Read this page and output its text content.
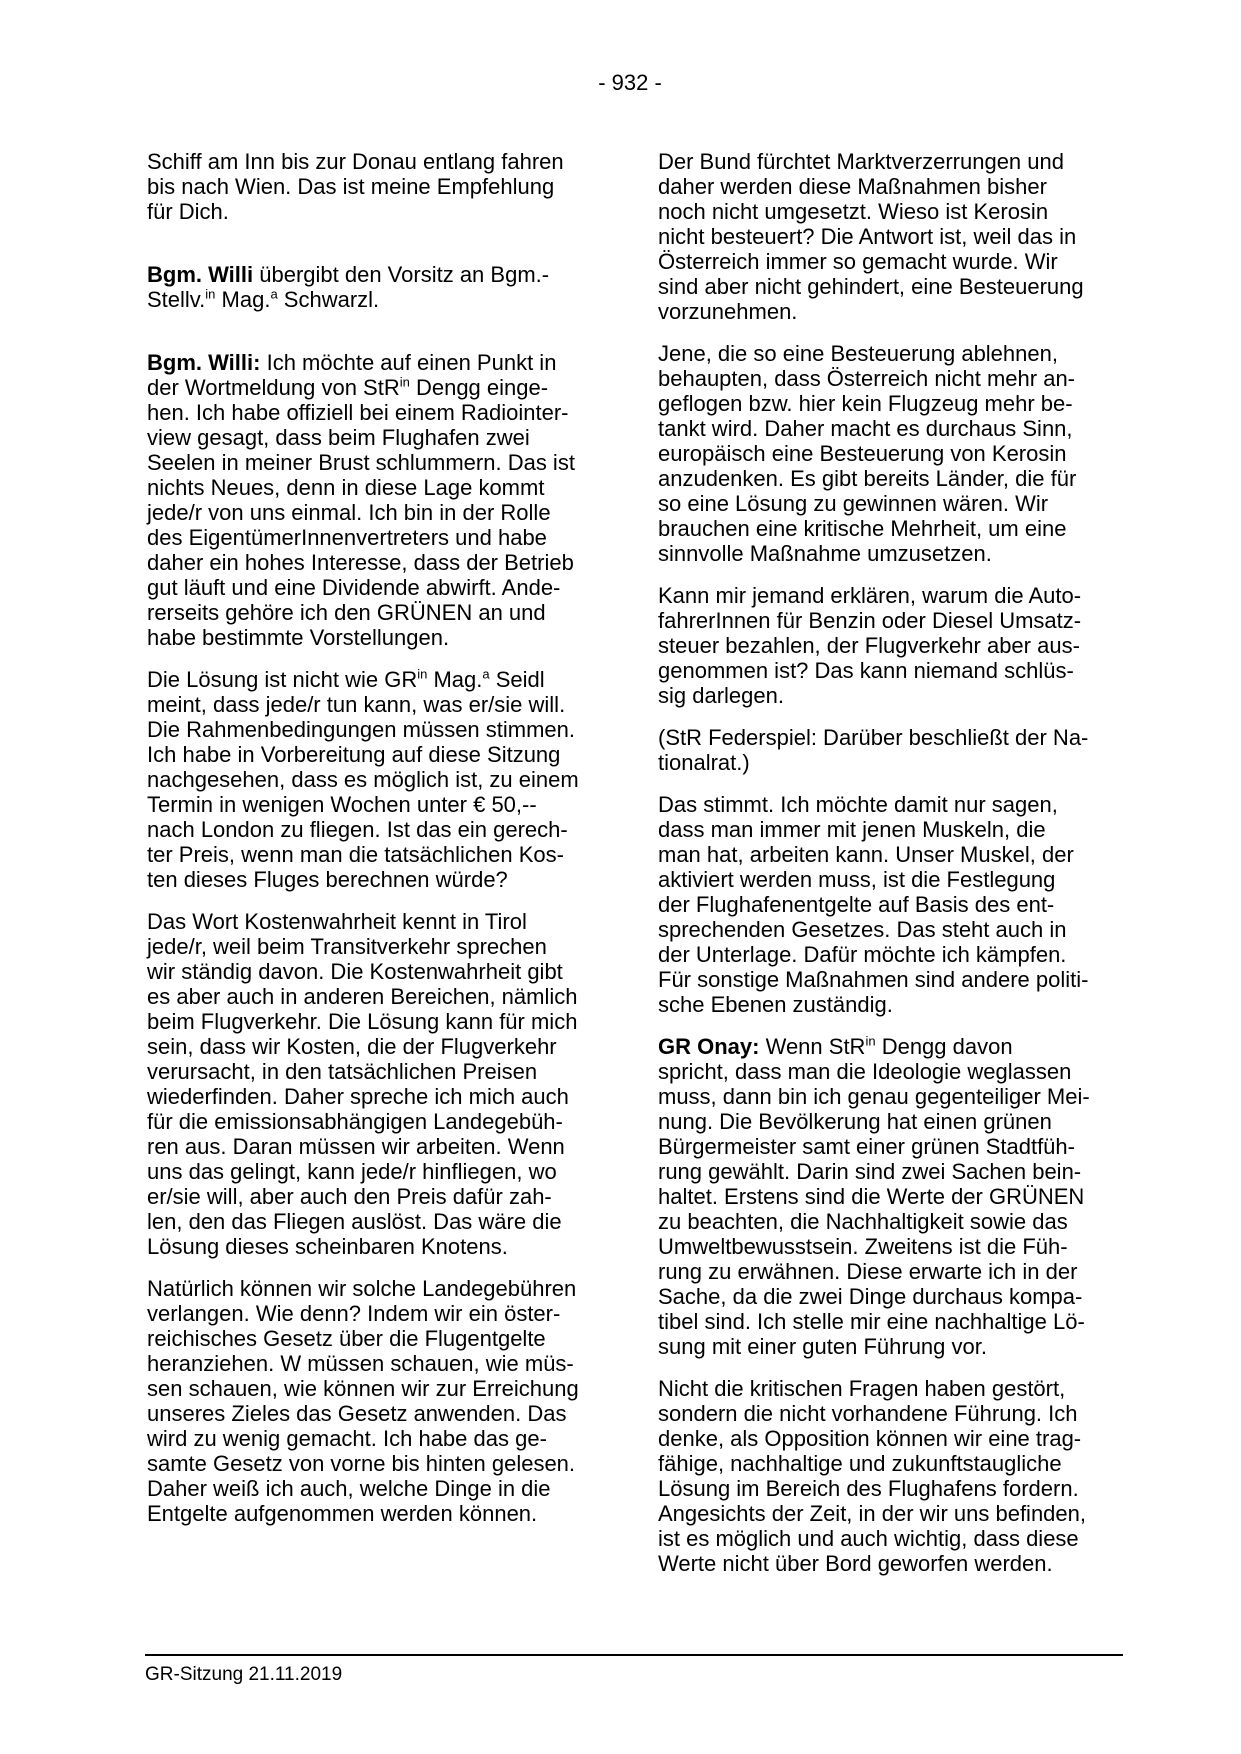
- 932 -

Schiff am Inn bis zur Donau entlang fahren
bis nach Wien. Das ist meine Empfehlung
für Dich.

Bgm. Willi übergibt den Vorsitz an Bgm.-
Stellv.$^{in}$ Mag.$^a$ Schwarzl.

Bgm. Willi: Ich möchte auf einen Punkt in
der Wortmeldung von StR$^{in}$ Dengg einge-
hen. Ich habe offiziell bei einem Radiointer-
view gesagt, dass beim Flughafen zwei
Seelen in meiner Brust schlummern. Das ist
nichts Neues, denn in diese Lage kommt
jede/r von uns einmal. Ich bin in der Rolle
des EigentümerInnenvertreters und habe
daher ein hohes Interesse, dass der Betrieb
gut läuft und eine Dividende abwirft. Ande-
rerseits gehöre ich den GRÜNEN an und
habe bestimmte Vorstellungen.

Die Lösung ist nicht wie $GR^{in}$ Mag.$^a$ Seidl
meint, dass jede/r tun kann, was er/sie will.
Die Rahmenbedingungen müssen stimmen.
Ich habe in Vorbereitung auf diese Sitzung
nachgesehen, dass es möglich ist, zu einem
Termin in wenigen Wochen unter € 50,--
nach London zu fliegen. Ist das ein gerech-
ter Preis, wenn man die tatsächlichen Kos-
ten dieses Fluges berechnen würde?

Das Wort Kostenwahrheit kennt in Tirol
jede/r, weil beim Transitverkehr sprechen
wir ständig davon. Die Kostenwahrheit gibt
es aber auch in anderen Bereichen, nämlich
beim Flugverkehr. Die Lösung kann für mich
sein, dass wir Kosten, die der Flugverkehr
verursacht, in den tatsächlichen Preisen
wiederfinden. Daher spreche ich mich auch
für die emissionsabhängigen Landegebüh-
ren aus. Daran müssen wir arbeiten. Wenn
uns das gelingt, kann jede/r hinfliegen, wo
er/sie will, aber auch den Preis dafür zah-
len, den das Fliegen auslöst. Das wäre die
Lösung dieses scheinbaren Knotens.

Natürlich können wir solche Landegebühren
verlangen. Wie denn? Indem wir ein öster-
reichisches Gesetz über die Flugentgelte
heranziehen. W müssen schauen, wie müs-
sen schauen, wie können wir zur Erreichung
unseres Zieles das Gesetz anwenden. Das
wird zu wenig gemacht. Ich habe das ge-
samte Gesetz von vorne bis hinten gelesen.
Daher weiß ich auch, welche Dinge in die
Entgelte aufgenommen werden können.

Der Bund fürchtet Marktverzerrungen und
daher werden diese Maßnahmen bisher
noch nicht umgesetzt. Wieso ist Kerosin
nicht besteuert? Die Antwort ist, weil das in
Österreich immer so gemacht wurde. Wir
sind aber nicht gehindert, eine Besteuerung
vorzunehmen.

Jene, die so eine Besteuerung ablehnen,
behaupten, dass Österreich nicht mehr an-
geflogen bzw. hier kein Flugzeug mehr be-
tankt wird. Daher macht es durchaus Sinn,
europäisch eine Besteuerung von Kerosin
anzudenken. Es gibt bereits Länder, die für
so eine Lösung zu gewinnen wären. Wir
brauchen eine kritische Mehrheit, um eine
sinnvolle Maßnahme umzusetzen.

Kann mir jemand erklären, warum die Auto-
fahrerInnen für Benzin oder Diesel Umsatz-
steuer bezahlen, der Flugverkehr aber aus-
genommen ist? Das kann niemand schlüs-
sig darlegen.

(StR Federspiel: Darüber beschließt der Na-
tionalrat.)

Das stimmt. Ich möchte damit nur sagen,
dass man immer mit jenen Muskeln, die
man hat, arbeiten kann. Unser Muskel, der
aktiviert werden muss, ist die Festlegung
der Flughafenentgelte auf Basis des ent-
sprechenden Gesetzes. Das steht auch in
der Unterlage. Dafür möchte ich kämpfen.
Für sonstige Maßnahmen sind andere politi-
sche Ebenen zuständig.

GR Onay: Wenn StR$^{in}$ Dengg davon
spricht, dass man die Ideologie weglassen
muss, dann bin ich genau gegenteiliger Mei-
nung. Die Bevölkerung hat einen grünen
Bürgermeister samt einer grünen Stadtfüh-
rung gewählt. Darin sind zwei Sachen bein-
haltet. Erstens sind die Werte der GRÜNEN
zu beachten, die Nachhaltigkeit sowie das
Umweltbewusstsein. Zweitens ist die Füh-
rung zu erwähnen. Diese erwarte ich in der
Sache, da die zwei Dinge durchaus kompa-
tibel sind. Ich stelle mir eine nachhaltige Lö-
sung mit einer guten Führung vor.

Nicht die kritischen Fragen haben gestört,
sondern die nicht vorhandene Führung. Ich
denke, als Opposition können wir eine trag-
fähige, nachhaltige und zukunftstaugliche
Lösung im Bereich des Flughafens fordern.
Angesichts der Zeit, in der wir uns befinden,
ist es möglich und auch wichtig, dass diese
Werte nicht über Bord geworfen werden.

GR-Sitzung 21.11.2019
